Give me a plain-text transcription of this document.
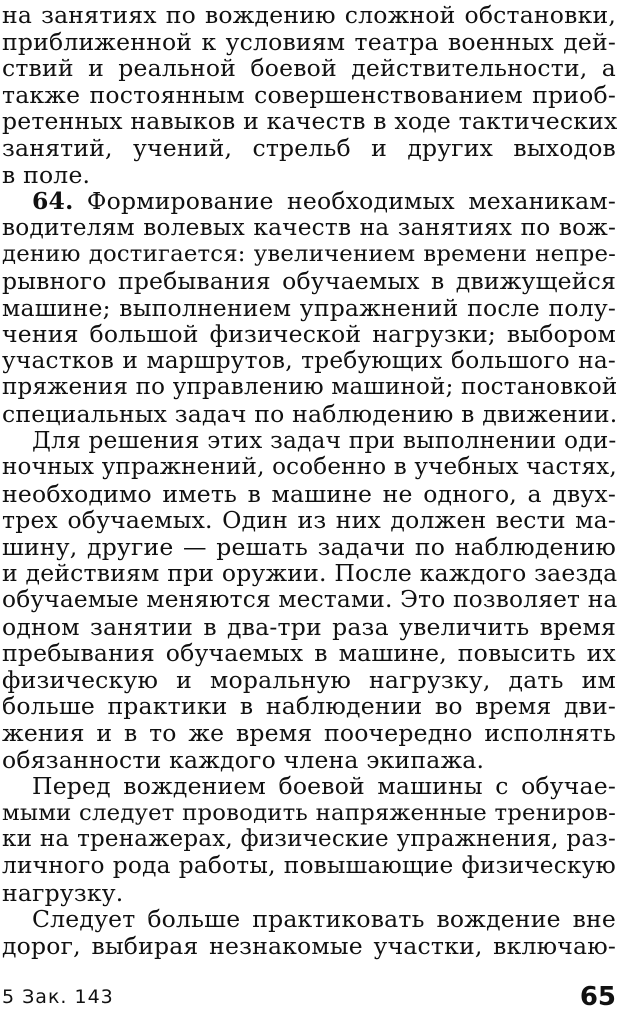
на занятиях по вождению сложной обстановки,
приближенной к условиям театра военных дей-
ствий и реальной боевой действительности, а
также постоянным совершенствованием приоб-
ретенных навыков и качеств в ходе тактических
занятий, учений, стрельб и других выходов
в поле.
64. Формирование необходимых механикам-
водителям волевых качеств на занятиях по вож-
дению достигается: увеличением времени непре-
рывного пребывания обучаемых в движущейся
машине; выполнением упражнений после полу-
чения большой физической нагрузки; выбором
участков и маршрутов, требующих большого на-
пряжения по управлению машиной; постановкой
специальных задач по наблюдению в движении.
Для решения этих задач при выполнении оди-
ночных упражнений, особенно в учебных частях,
необходимо иметь в машине не одного, а двух-
трех обучаемых. Один из них должен вести ма-
шину, другие — решать задачи по наблюдению
и действиям при оружии. После каждого заезда
обучаемые меняются местами. Это позволяет на
одном занятии в два-три раза увеличить время
пребывания обучаемых в машине, повысить их
физическую и моральную нагрузку, дать им
больше практики в наблюдении во время дви-
жения и в то же время поочередно исполнять
обязанности каждого члена экипажа.
Перед вождением боевой машины с обучае-
мыми следует проводить напряженные трениров-
ки на тренажерах, физические упражнения, раз-
личного рода работы, повышающие физическую
нагрузку.
Следует больше практиковать вождение вне
дорог, выбирая незнакомые участки, включаю-
5 Зак. 143	65
